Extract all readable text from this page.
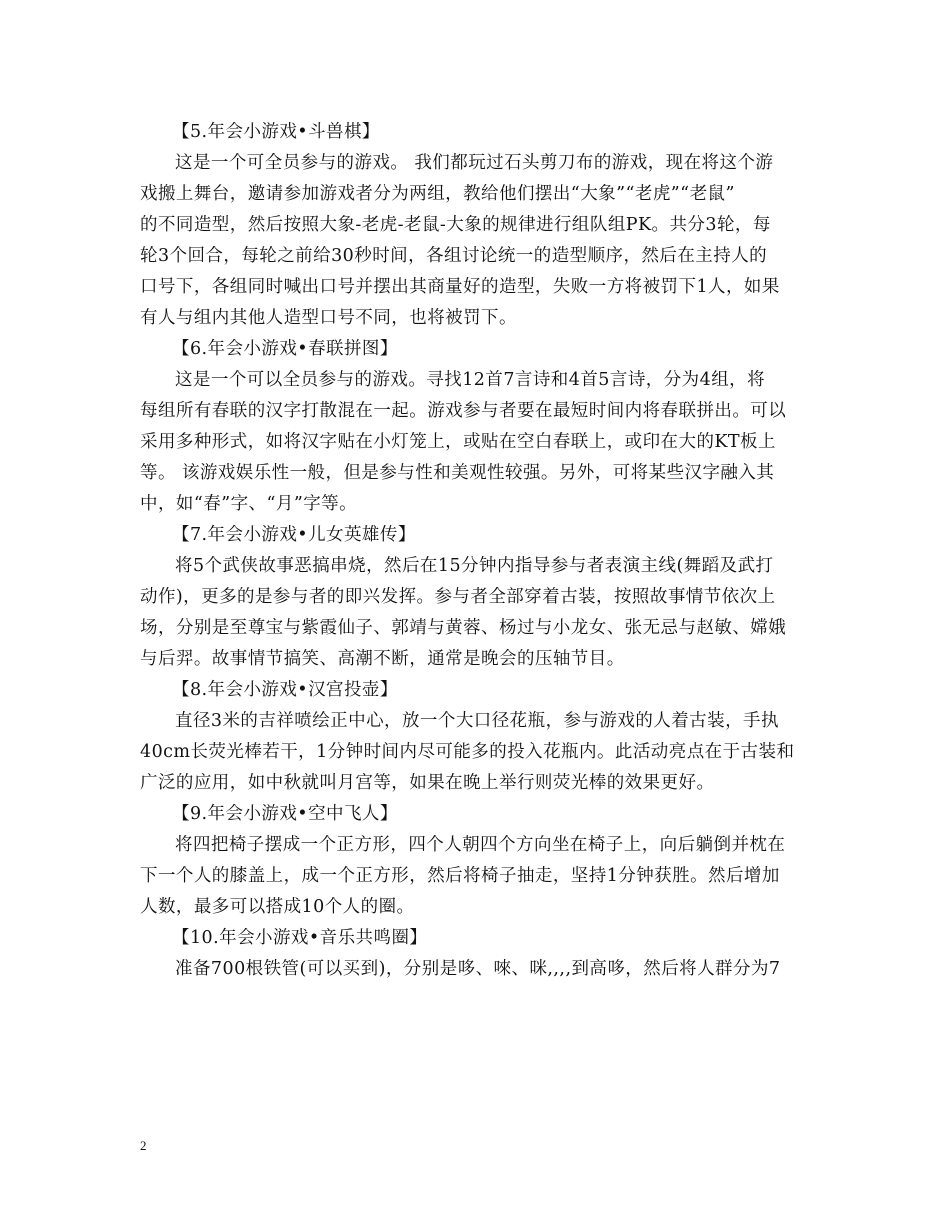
【5.年会小游戏•斗兽棋】
这是一个可全员参与的游戏。 我们都玩过石头剪刀布的游戏，现在将这个游
戏搬上舞台，邀请参加游戏者分为两组，教给他们摆出“大象”“老虎”“老鼠”
的不同造型，然后按照大象-老虎-老鼠-大象的规律进行组队组PK。共分3轮，每
轮3个回合，每轮之前给30秒时间，各组讨论统一的造型顺序，然后在主持人的
口号下，各组同时喊出口号并摆出其商量好的造型，失败一方将被罚下1人，如果
有人与组内其他人造型口号不同，也将被罚下。
【6.年会小游戏•春联拼图】
这是一个可以全员参与的游戏。寻找12首7言诗和4首5言诗，分为4组，将
每组所有春联的汉字打散混在一起。游戏参与者要在最短时间内将春联拼出。可以
采用多种形式，如将汉字贴在小灯笼上，或贴在空白春联上，或印在大的KT板上
等。 该游戏娱乐性一般，但是参与性和美观性较强。另外，可将某些汉字融入其
中，如“春”字、“月”字等。
【7.年会小游戏•儿女英雄传】
将5个武侠故事恶搞串烧，然后在15分钟内指导参与者表演主线(舞蹈及武打
动作)，更多的是参与者的即兴发挥。参与者全部穿着古装，按照故事情节依次上
场，分别是至尊宝与紫霞仙子、郭靖与黄蓉、杨过与小龙女、张无忌与赵敏、嫦娥
与后羿。故事情节搞笑、高潮不断，通常是晚会的压轴节目。
【8.年会小游戏•汉宫投壶】
直径3米的吉祥喷绘正中心，放一个大口径花瓶，参与游戏的人着古装，手执
40cm长荧光棒若干，1分钟时间内尽可能多的投入花瓶内。此活动亮点在于古装和
广泛的应用，如中秋就叫月宫等，如果在晚上举行则荧光棒的效果更好。
【9.年会小游戏•空中飞人】
将四把椅子摆成一个正方形，四个人朝四个方向坐在椅子上，向后躺倒并枕在
下一个人的膝盖上，成一个正方形，然后将椅子抽走，坚持1分钟获胜。然后增加
人数，最多可以搭成10个人的圈。
【10.年会小游戏•音乐共鸣圈】
准备700根铁管(可以买到)，分别是哆、唻、咪,,,,到高哆，然后将人群分为7
2
